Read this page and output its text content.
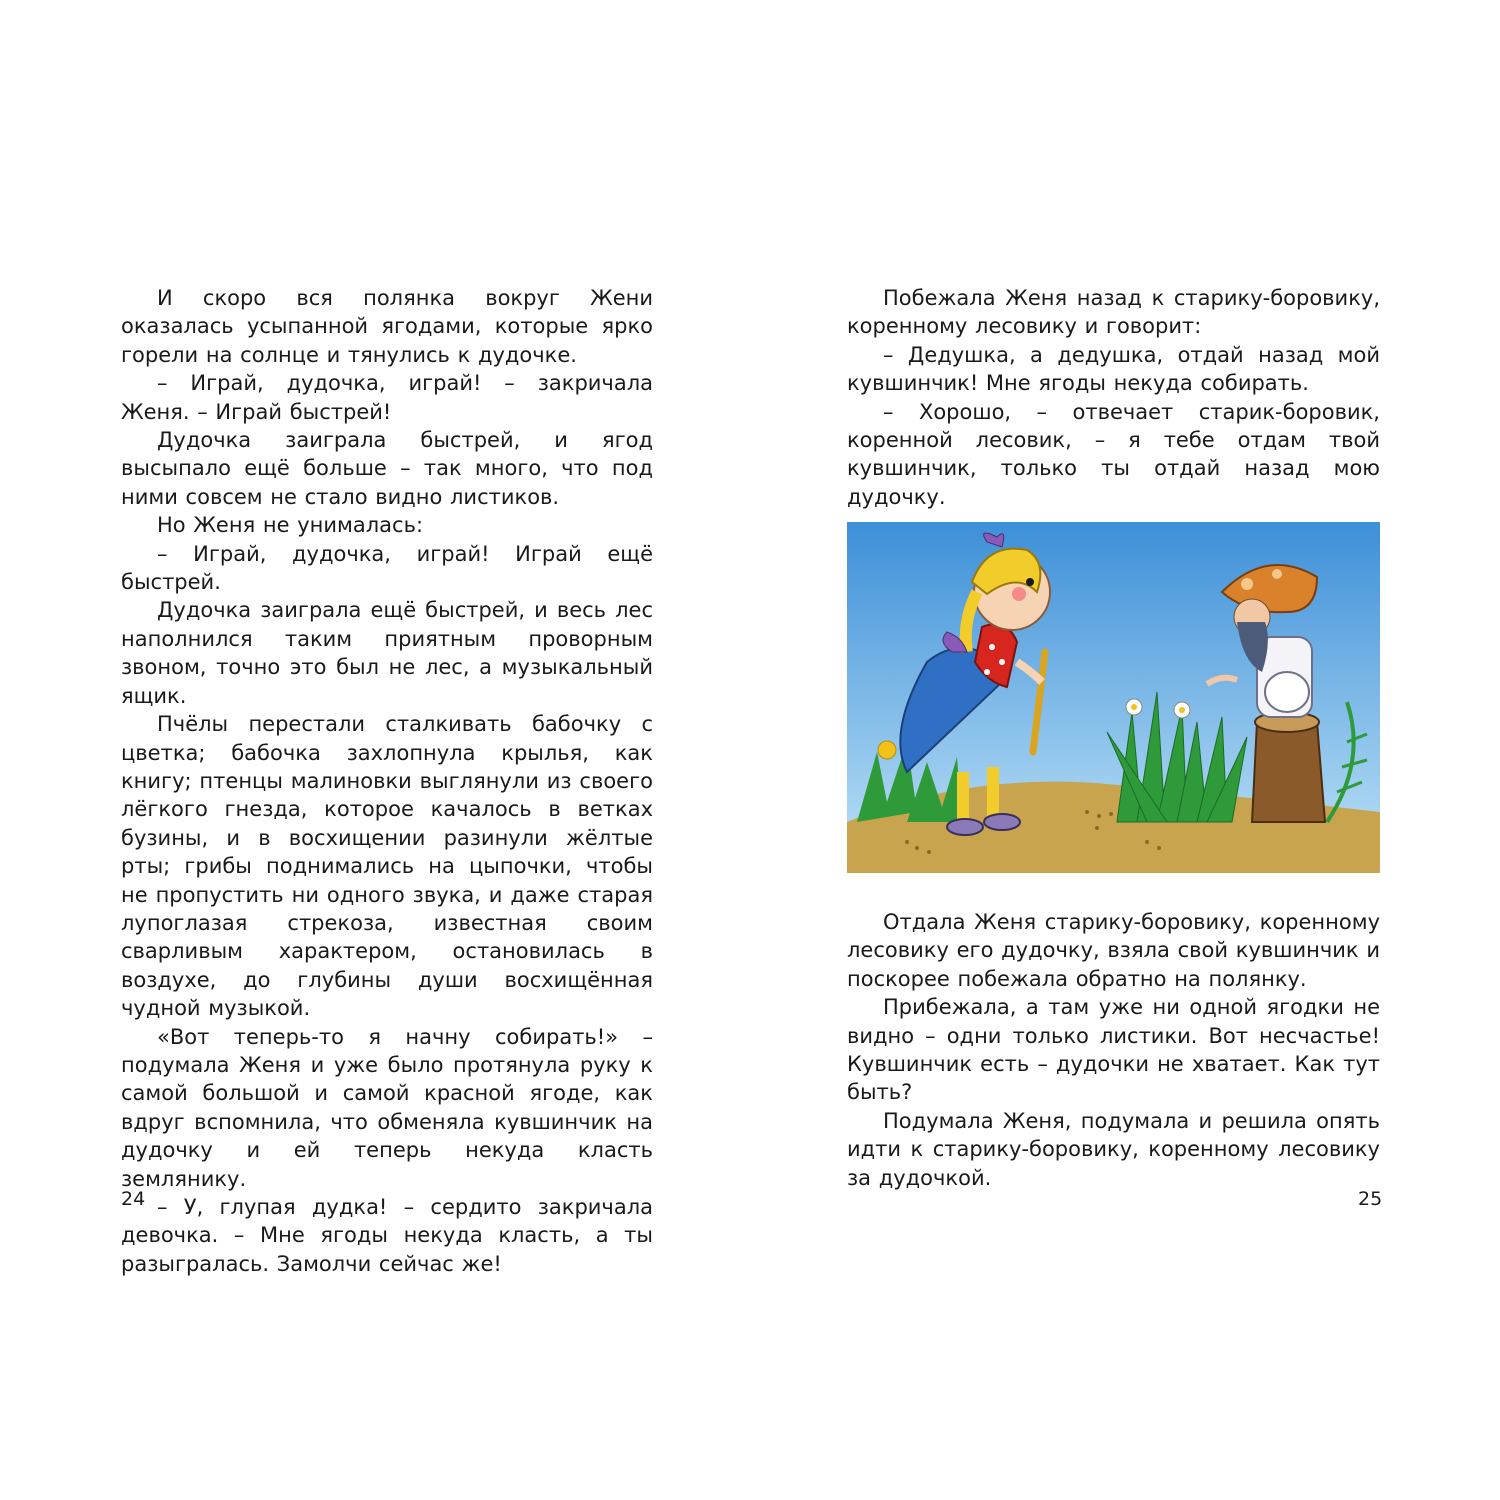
И скоро вся полянка вокруг Жени оказалась усыпанной ягодами, которые ярко горели на солнце и тянулись к дудочке.

– Играй, дудочка, играй! – закричала Женя. – Играй быстрей!

Дудочка заиграла быстрей, и ягод высыпало ещё больше – так много, что под ними совсем не стало видно листиков.

Но Женя не унималась:

– Играй, дудочка, играй! Играй ещё быстрей.

Дудочка заиграла ещё быстрей, и весь лес наполнился таким приятным проворным звоном, точно это был не лес, а музыкальный ящик.

Пчёлы перестали сталкивать бабочку с цветка; бабочка захлопнула крылья, как книгу; птенцы малиновки выглянули из своего лёгкого гнезда, которое качалось в ветках бузины, и в восхищении разинули жёлтые рты; грибы поднимались на цыпочки, чтобы не пропустить ни одного звука, и даже старая лупоглазая стрекоза, известная своим сварливым характером, остановилась в воздухе, до глубины души восхищённая чудной музыкой.

«Вот теперь-то я начну собирать!» – подумала Женя и уже было протянула руку к самой большой и самой красной ягоде, как вдруг вспомнила, что обменяла кувшинчик на дудочку и ей теперь некуда класть землянику.

– У, глупая дудка! – сердито закричала девочка. – Мне ягоды некуда класть, а ты разыгралась. Замолчи сейчас же!

24

Побежала Женя назад к старику-боровику, коренному лесовику и говорит:

– Дедушка, а дедушка, отдай назад мой кувшинчик! Мне ягоды некуда собирать.

– Хорошо, – отвечает старик-боровик, коренной лесовик, – я тебе отдам твой кувшинчик, только ты отдай назад мою дудочку.

Отдала Женя старику-боровику, коренному лесовику его дудочку, взяла свой кувшинчик и поскорее побежала обратно на полянку.

Прибежала, а там уже ни одной ягодки не видно – одни только листики. Вот несчастье! Кувшинчик есть – дудочки не хватает. Как тут быть?

Подумала Женя, подумала и решила опять идти к старику-боровику, коренному лесовику за дудочкой.

25
